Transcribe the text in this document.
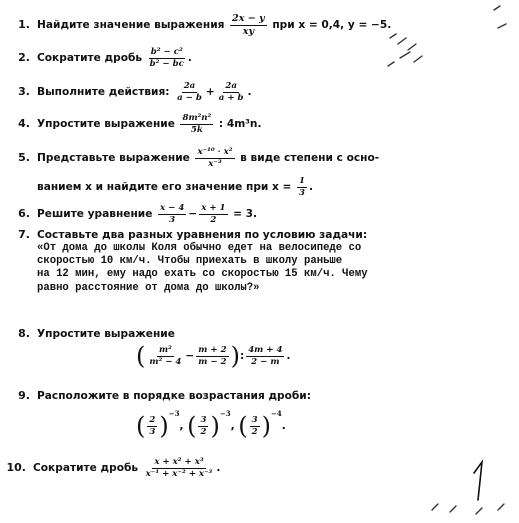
1. Найдите значение выражения $\frac{2x - y}{xy}$ при x = 0,4, y = −5.
2. Сократите дробь $\frac{\text{b² − c²}}{\text{b² − bc}}$ .
3. Выполните действия: $\frac{2a}{a - b} + \frac{2a}{a + b}$ .
4. Упростите выражение $\frac{\text{8m²n²}}{5k}$ : 4m³n.
5. Представьте выражение $\frac{\text{x⁻¹⁰ · x²}}{\text{x⁻³}}$ в виде степени с осно-
ванием x и найдите его значение при $x = \frac{1}{3}$ .
6. Решите уравнение $\frac{x - 4}{3} - \frac{x + 1}{2} = 3$.
7. Составьте два разных уравнения по условию задачи:
«От дома до школы Коля обычно едет на велосипеде со
скоростью 10 км/ч. Чтобы приехать в школу раньше
на 12 мин, ему надо ехать со скоростью 15 км/ч. Чему
равно расстояние от дома до школы?»
8. Упростите выражение
( $\frac{\text{m²}}{\text{m² − 4}} - \frac{m + 2}{m - 2}$ ): $\frac{4m + 4}{2 - m}$ .
9. Расположите в порядке возрастания дроби:
( $\frac{2}{3} )^{-3}$, ( $\frac{3}{2} )^{-3}$, ( $\frac{3}{2} )^{-4}$.
10. Сократите дробь $\frac{\text{x + x² + x³}}{\text{x⁻¹ + x⁻² + x⁻³}}$ .
